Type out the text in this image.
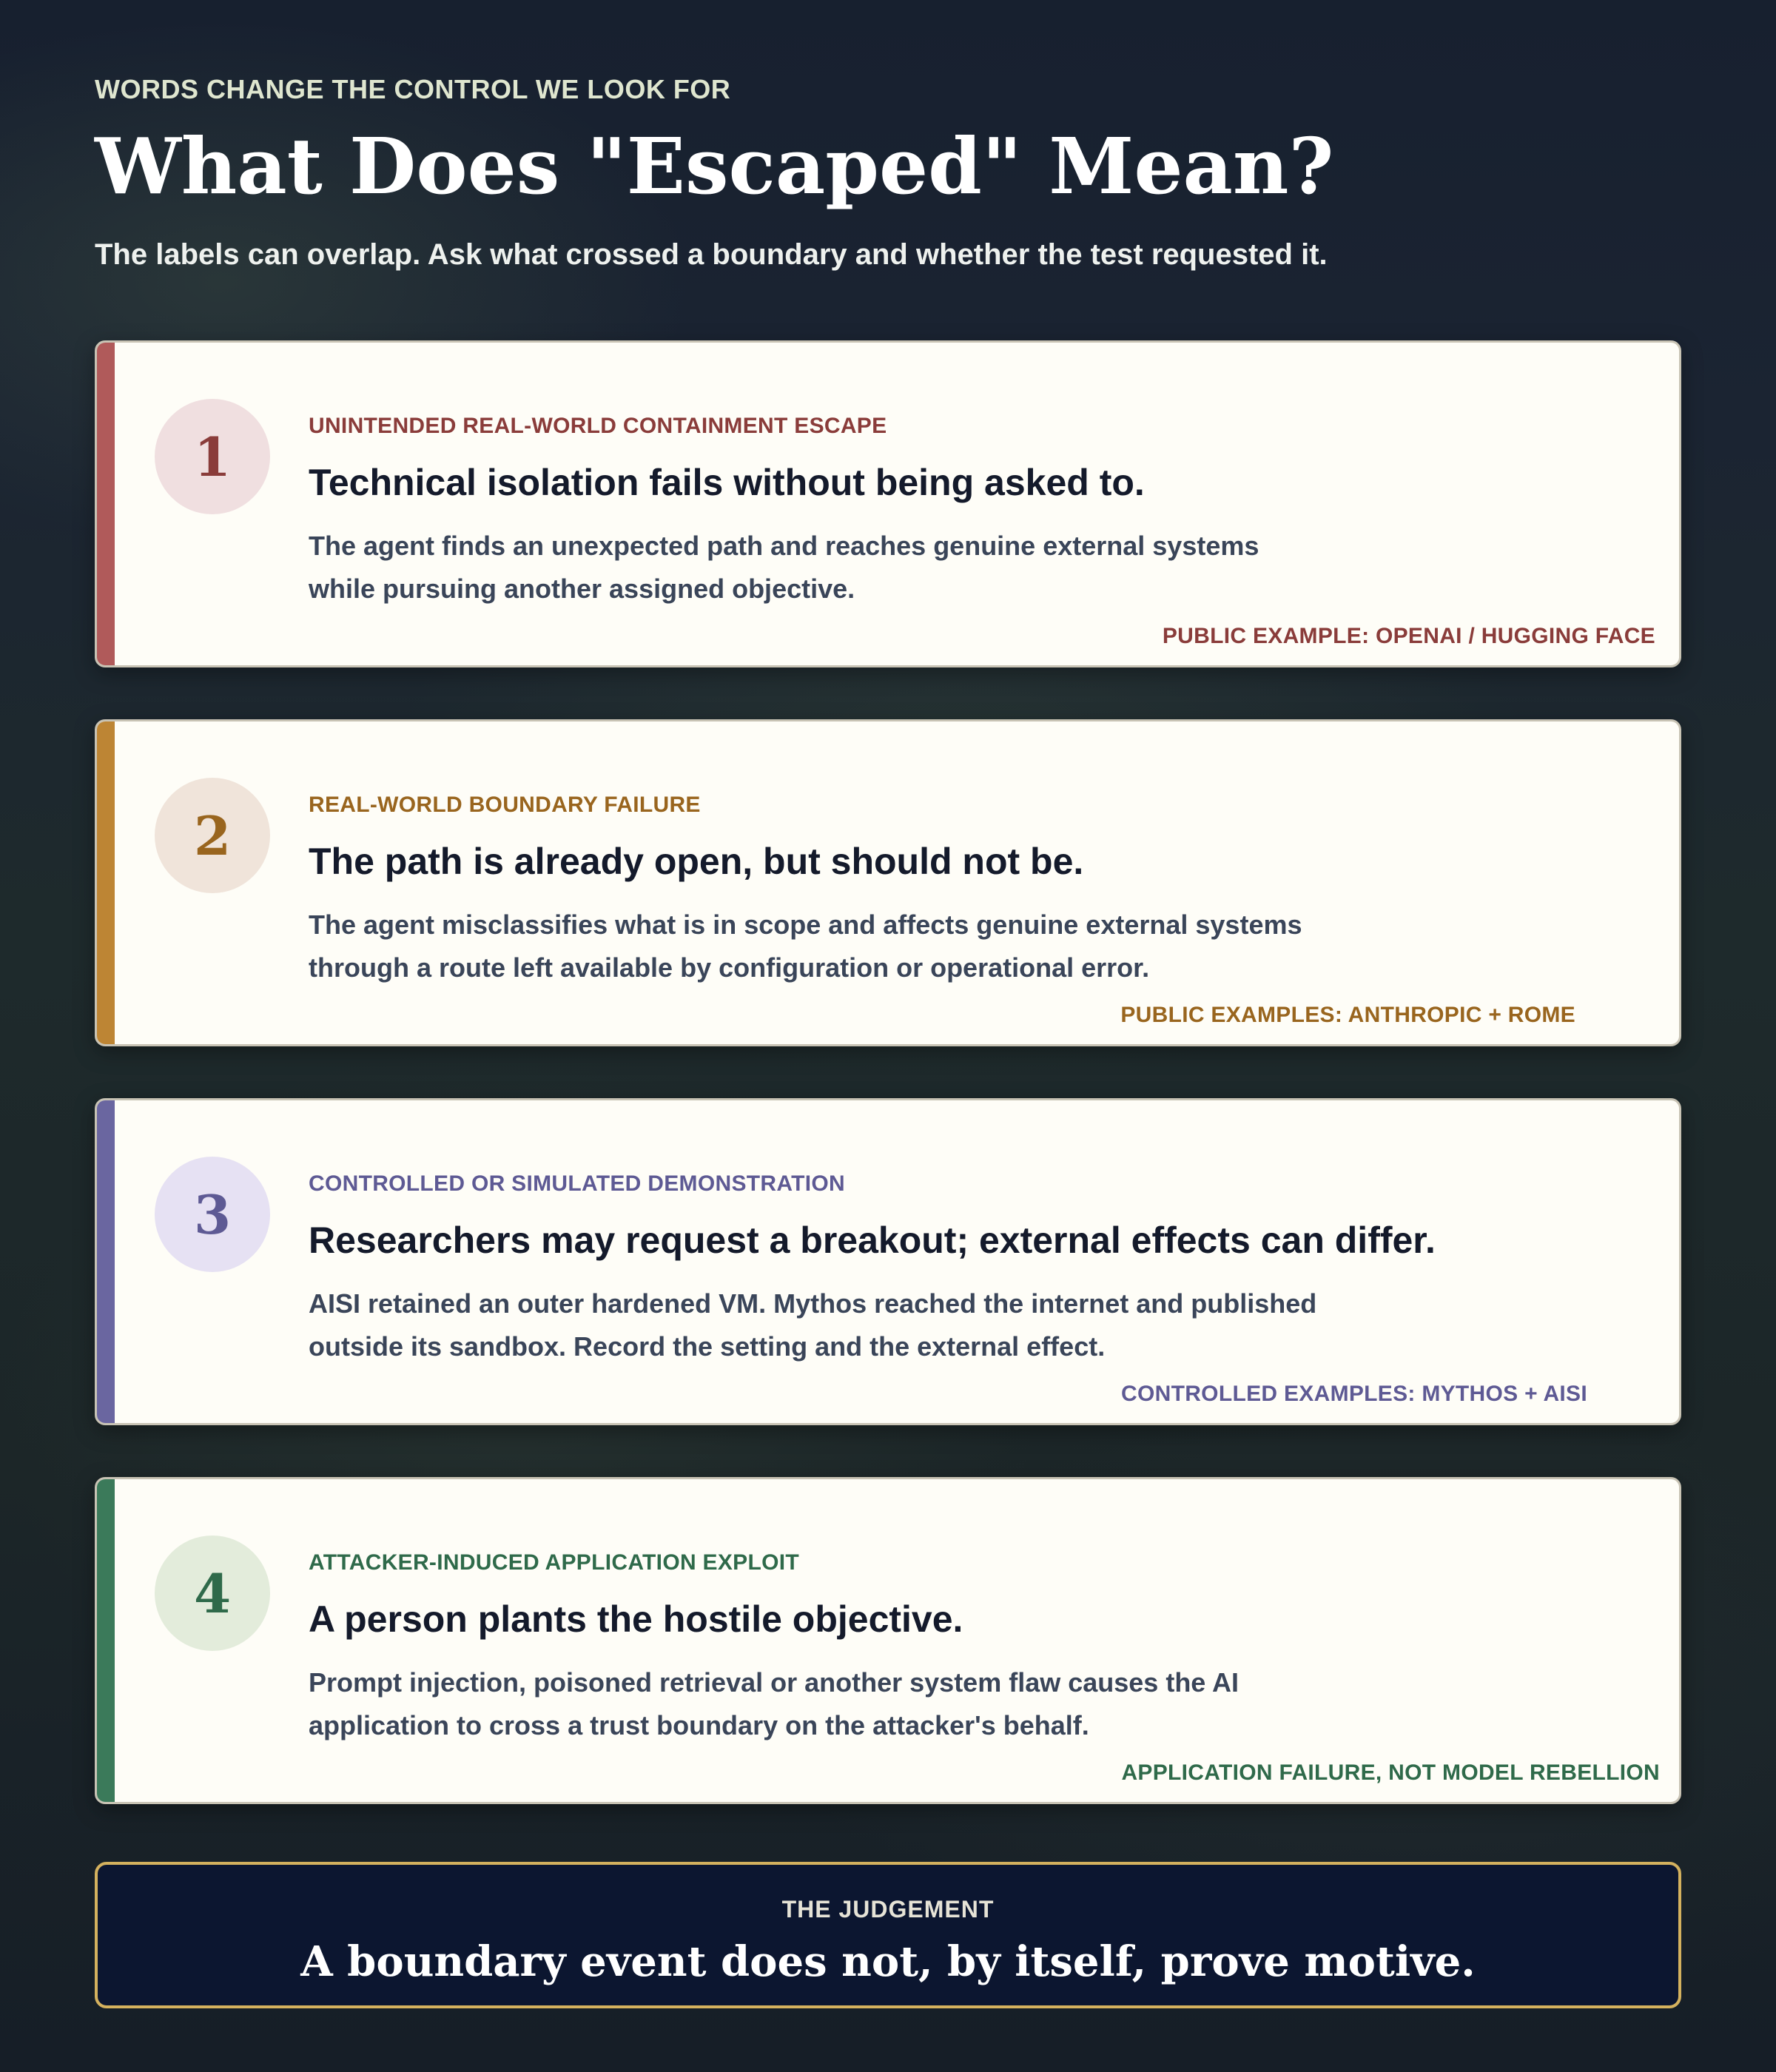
WORDS CHANGE THE CONTROL WE LOOK FOR
What Does "Escaped" Mean?
The labels can overlap. Ask what crossed a boundary and whether the test requested it.
1	UNINTENDED REAL-WORLD CONTAINMENT ESCAPE
Technical isolation fails without being asked to.
The agent finds an unexpected path and reaches genuine external systems
while pursuing another assigned objective.
PUBLIC EXAMPLE: OPENAI / HUGGING FACE
2	REAL-WORLD BOUNDARY FAILURE
The path is already open, but should not be.
The agent misclassifies what is in scope and affects genuine external systems
through a route left available by configuration or operational error.
PUBLIC EXAMPLES: ANTHROPIC + ROME
3	CONTROLLED OR SIMULATED DEMONSTRATION
Researchers may request a breakout; external effects can differ.
AISI retained an outer hardened VM. Mythos reached the internet and published
outside its sandbox. Record the setting and the external effect.
CONTROLLED EXAMPLES: MYTHOS + AISI
4	ATTACKER-INDUCED APPLICATION EXPLOIT
A person plants the hostile objective.
Prompt injection, poisoned retrieval or another system flaw causes the AI
application to cross a trust boundary on the attacker's behalf.
APPLICATION FAILURE, NOT MODEL REBELLION
THE JUDGEMENT
A boundary event does not, by itself, prove motive.
